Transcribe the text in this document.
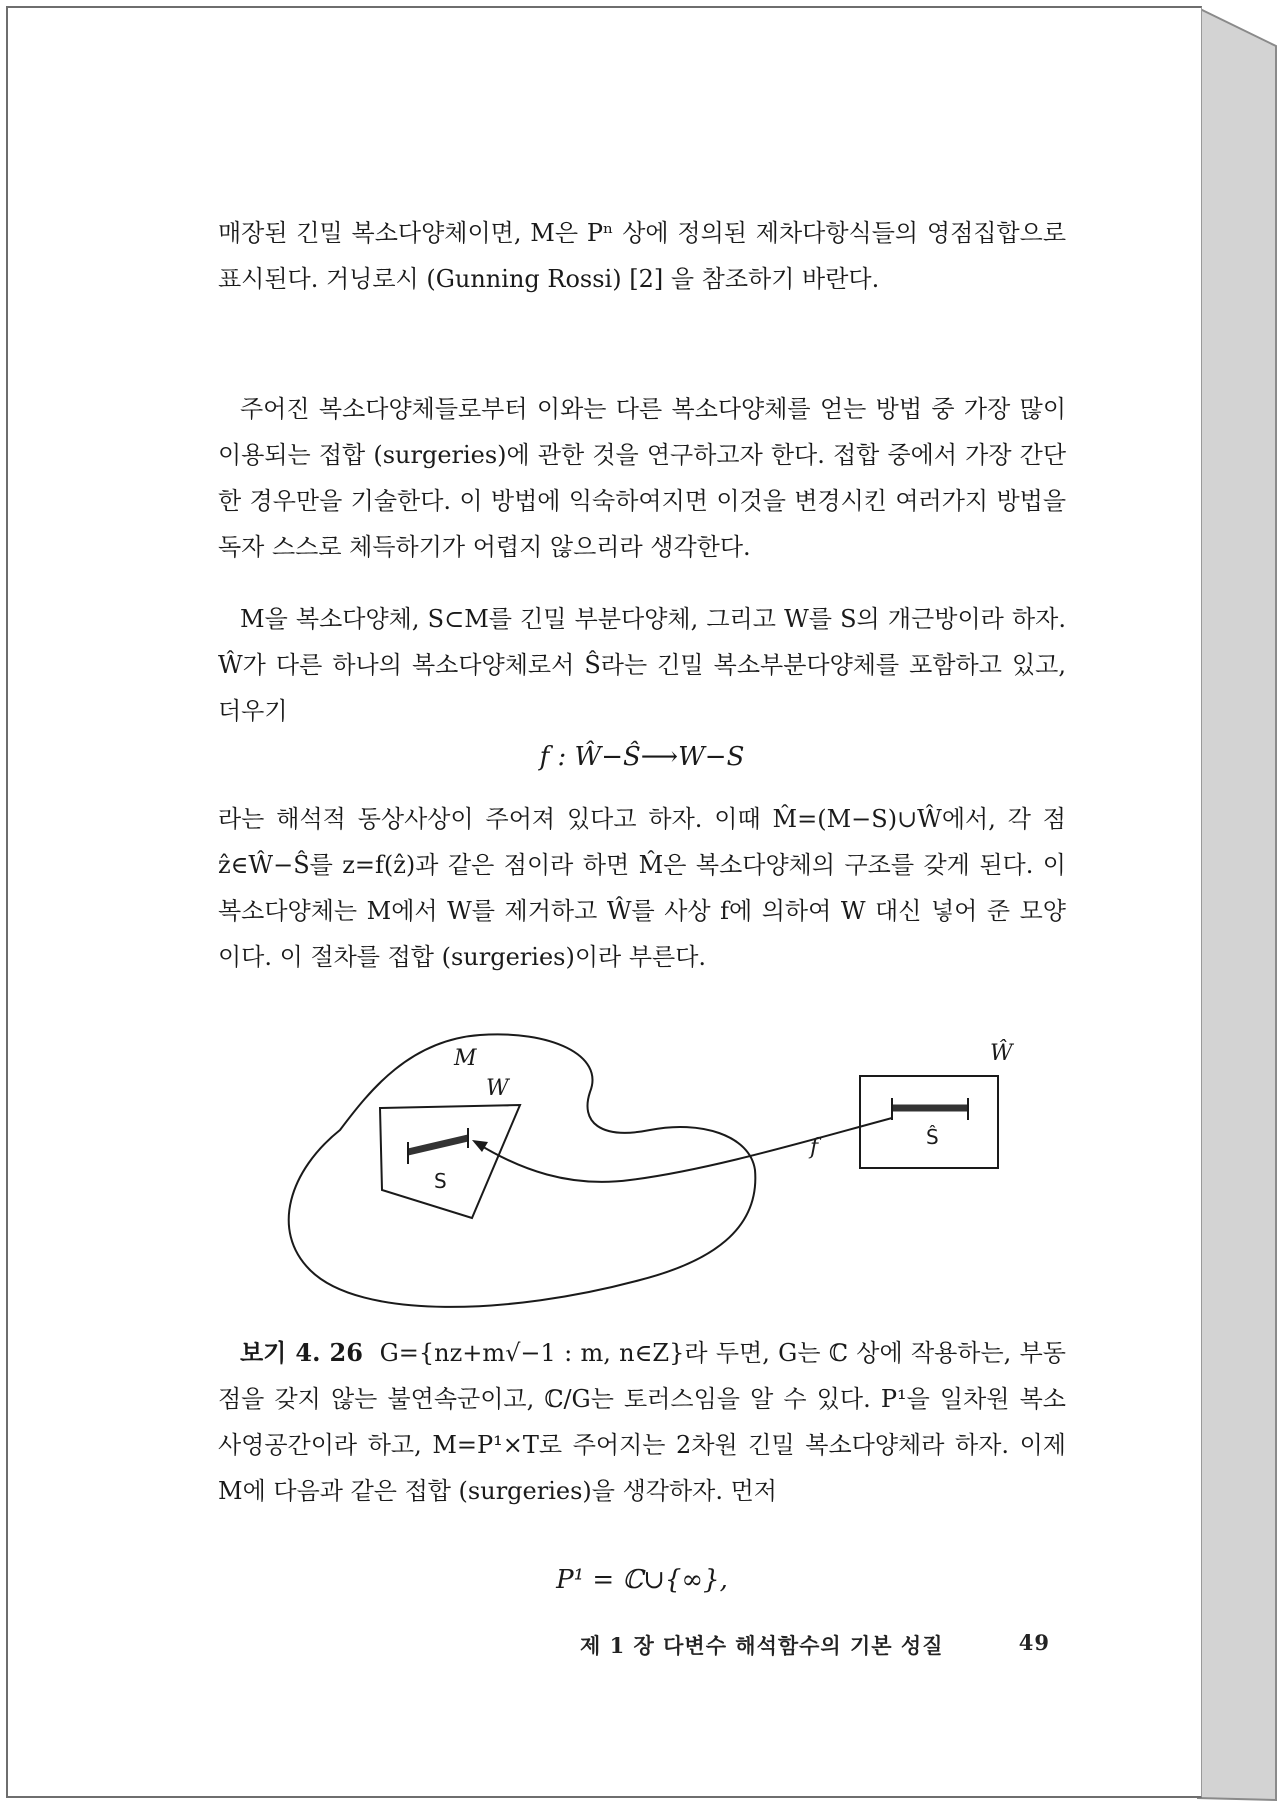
매장된 긴밀 복소다양체이면, M은 Pⁿ 상에 정의된 제차다항식들의 영점집합으로 표시된다. 거닝로시 (Gunning Rossi) [2] 을 참조하기 바란다.

주어진 복소다양체들로부터 이와는 다른 복소다양체를 얻는 방법 중 가장 많이 이용되는 접합 (surgeries)에 관한 것을 연구하고자 한다. 접합 중에서 가장 간단한 경우만을 기술한다. 이 방법에 익숙하여지면 이것을 변경시킨 여러가지 방법을 독자 스스로 체득하기가 어렵지 않으리라 생각한다.

M을 복소다양체, S⊂M를 긴밀 부분다양체, 그리고 W를 S의 개근방이라 하자. Ŵ가 다른 하나의 복소다양체로서 Ŝ라는 긴밀 복소부분다양체를 포함하고 있고, 더우기

f : Ŵ−Ŝ⟶W−S

라는 해석적 동상사상이 주어져 있다고 하자. 이때 M̂=(M−S)∪Ŵ에서, 각 점 ẑ∈Ŵ−Ŝ를 z=f(ẑ)과 같은 점이라 하면 M̂은 복소다양체의 구조를 갖게 된다. 이 복소다양체는 M에서 W를 제거하고 Ŵ를 사상 f에 의하여 W 대신 넣어 준 모양이다. 이 절차를 접합 (surgeries)이라 부른다.

M
W
S
f
Ŵ
Ŝ

보기 4. 26 G={nz+m√−1 : m, n∈Z}라 두면, G는 ℂ 상에 작용하는, 부동점을 갖지 않는 불연속군이고, ℂ/G는 토러스임을 알 수 있다. P¹을 일차원 복소 사영공간이라 하고, M=P¹×T로 주어지는 2차원 긴밀 복소다양체라 하자. 이제 M에 다음과 같은 접합 (surgeries)을 생각하자. 먼저

P¹ = ℂ∪{∞},
제 1 장 다변수 해석함수의 기본 성질	49
